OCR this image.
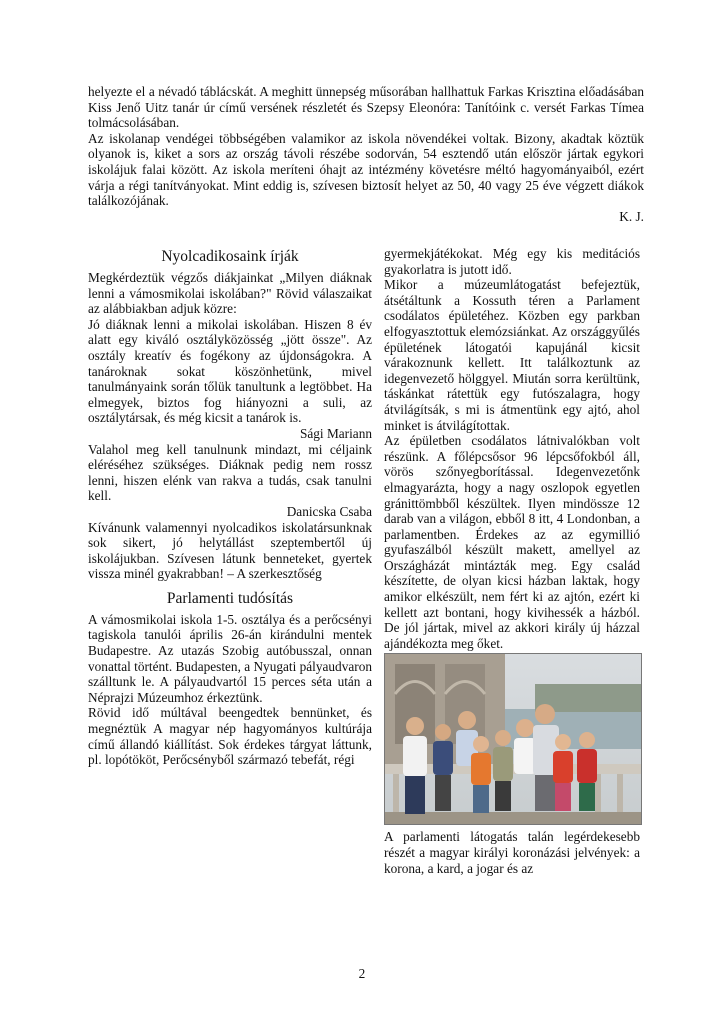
helyezte el a névadó táblácskát. A meghitt ünnepség műsorában hallhattuk Farkas Krisztina előadásában Kiss Jenő Uitz tanár úr című versének részletét és Szepsy Eleonóra: Tanítóink c. versét Farkas Tímea tolmácsolásában.

Az iskolanap vendégei többségében valamikor az iskola növendékei voltak. Bizony, akadtak köztük olyanok is, kiket a sors az ország távoli részébe sodorván, 54 esztendő után először jártak egykori iskolájuk falai között. Az iskola meríteni óhajt az intézmény követésre méltó hagyományaiból, ezért várja a régi tanítványokat. Mint eddig is, szívesen biztosít helyet az 50, 40 vagy 25 éve végzett diákok találkozójának.

K. J.

Nyolcadikosaink írják

Megkérdeztük végzős diákjainkat „Milyen diáknak lenni a vámosmikolai iskolában?" Rövid válaszaikat az alábbiakban adjuk közre:

Jó diáknak lenni a mikolai iskolában. Hiszen 8 év alatt egy kiváló osztályközösség „jött össze". Az osztály kreatív és fogékony az újdonságokra. A tanároknak sokat köszönhetünk, mivel tanulmányaink során tőlük tanultunk a legtöbbet. Ha elmegyek, biztos fog hiányozni a suli, az osztálytársak, és még kicsit a tanárok is.

Sági Mariann

Valahol meg kell tanulnunk mindazt, mi céljaink eléréséhez szükséges. Diáknak pedig nem rossz lenni, hiszen elénk van rakva a tudás, csak tanulni kell.

Danicska Csaba

Kívánunk valamennyi nyolcadikos iskolatársunknak sok sikert, jó helytállást szeptembertől új iskolájukban. Szívesen látunk benneteket, gyertek vissza minél gyakrabban! – A szerkesztőség

Parlamenti tudósítás

A vámosmikolai iskola 1-5. osztálya és a perőcsényi tagiskola tanulói április 26-án kirándulni mentek Budapestre. Az utazás Szobig autóbusszal, onnan vonattal történt. Budapesten, a Nyugati pályaudvaron szálltunk le. A pályaudvartól 15 perces séta után a Néprajzi Múzeumhoz érkeztünk.

Rövid idő múltával beengedtek bennünket, és megnéztük A magyar nép hagyományos kultúrája című állandó kiállítást. Sok érdekes tárgyat láttunk, pl. lopótököt, Perőcsényből származó tebefát, régi

gyermekjátékokat. Még egy kis meditációs gyakorlatra is jutott idő.

Mikor a múzeumlátogatást befejeztük, átsétáltunk a Kossuth téren a Parlament csodálatos épületéhez. Közben egy parkban elfogyasztottuk elemózsiánkat. Az országgyűlés épületének látogatói kapujánál kicsit várakoznunk kellett. Itt találkoztunk az idegenvezető hölggyel. Miután sorra kerültünk, táskánkat rátettük egy futószalagra, hogy átvilágítsák, s mi is átmentünk egy ajtó, ahol minket is átvilágítottak.

Az épületben csodálatos látnivalókban volt részünk. A főlépcsősor 96 lépcsőfokból áll, vörös szőnyegborítással. Idegenvezetőnk elmagyarázta, hogy a nagy oszlopok egyetlen gránittömbből készültek. Ilyen mindössze 12 darab van a világon, ebből 8 itt, 4 Londonban, a parlamentben. Érdekes az az egymillió gyufaszálból készült makett, amellyel az Országházát mintázták meg. Egy család készítette, de olyan kicsi házban laktak, hogy amikor elkészült, nem fért ki az ajtón, ezért ki kellett azt bontani, hogy kivihessék a házból. De jól jártak, mivel az akkori király új házzal ajándékozta meg őket.

A parlamenti látogatás talán legérdekesebb részét a magyar királyi koronázási jelvények: a korona, a kard, a jogar és az

2
